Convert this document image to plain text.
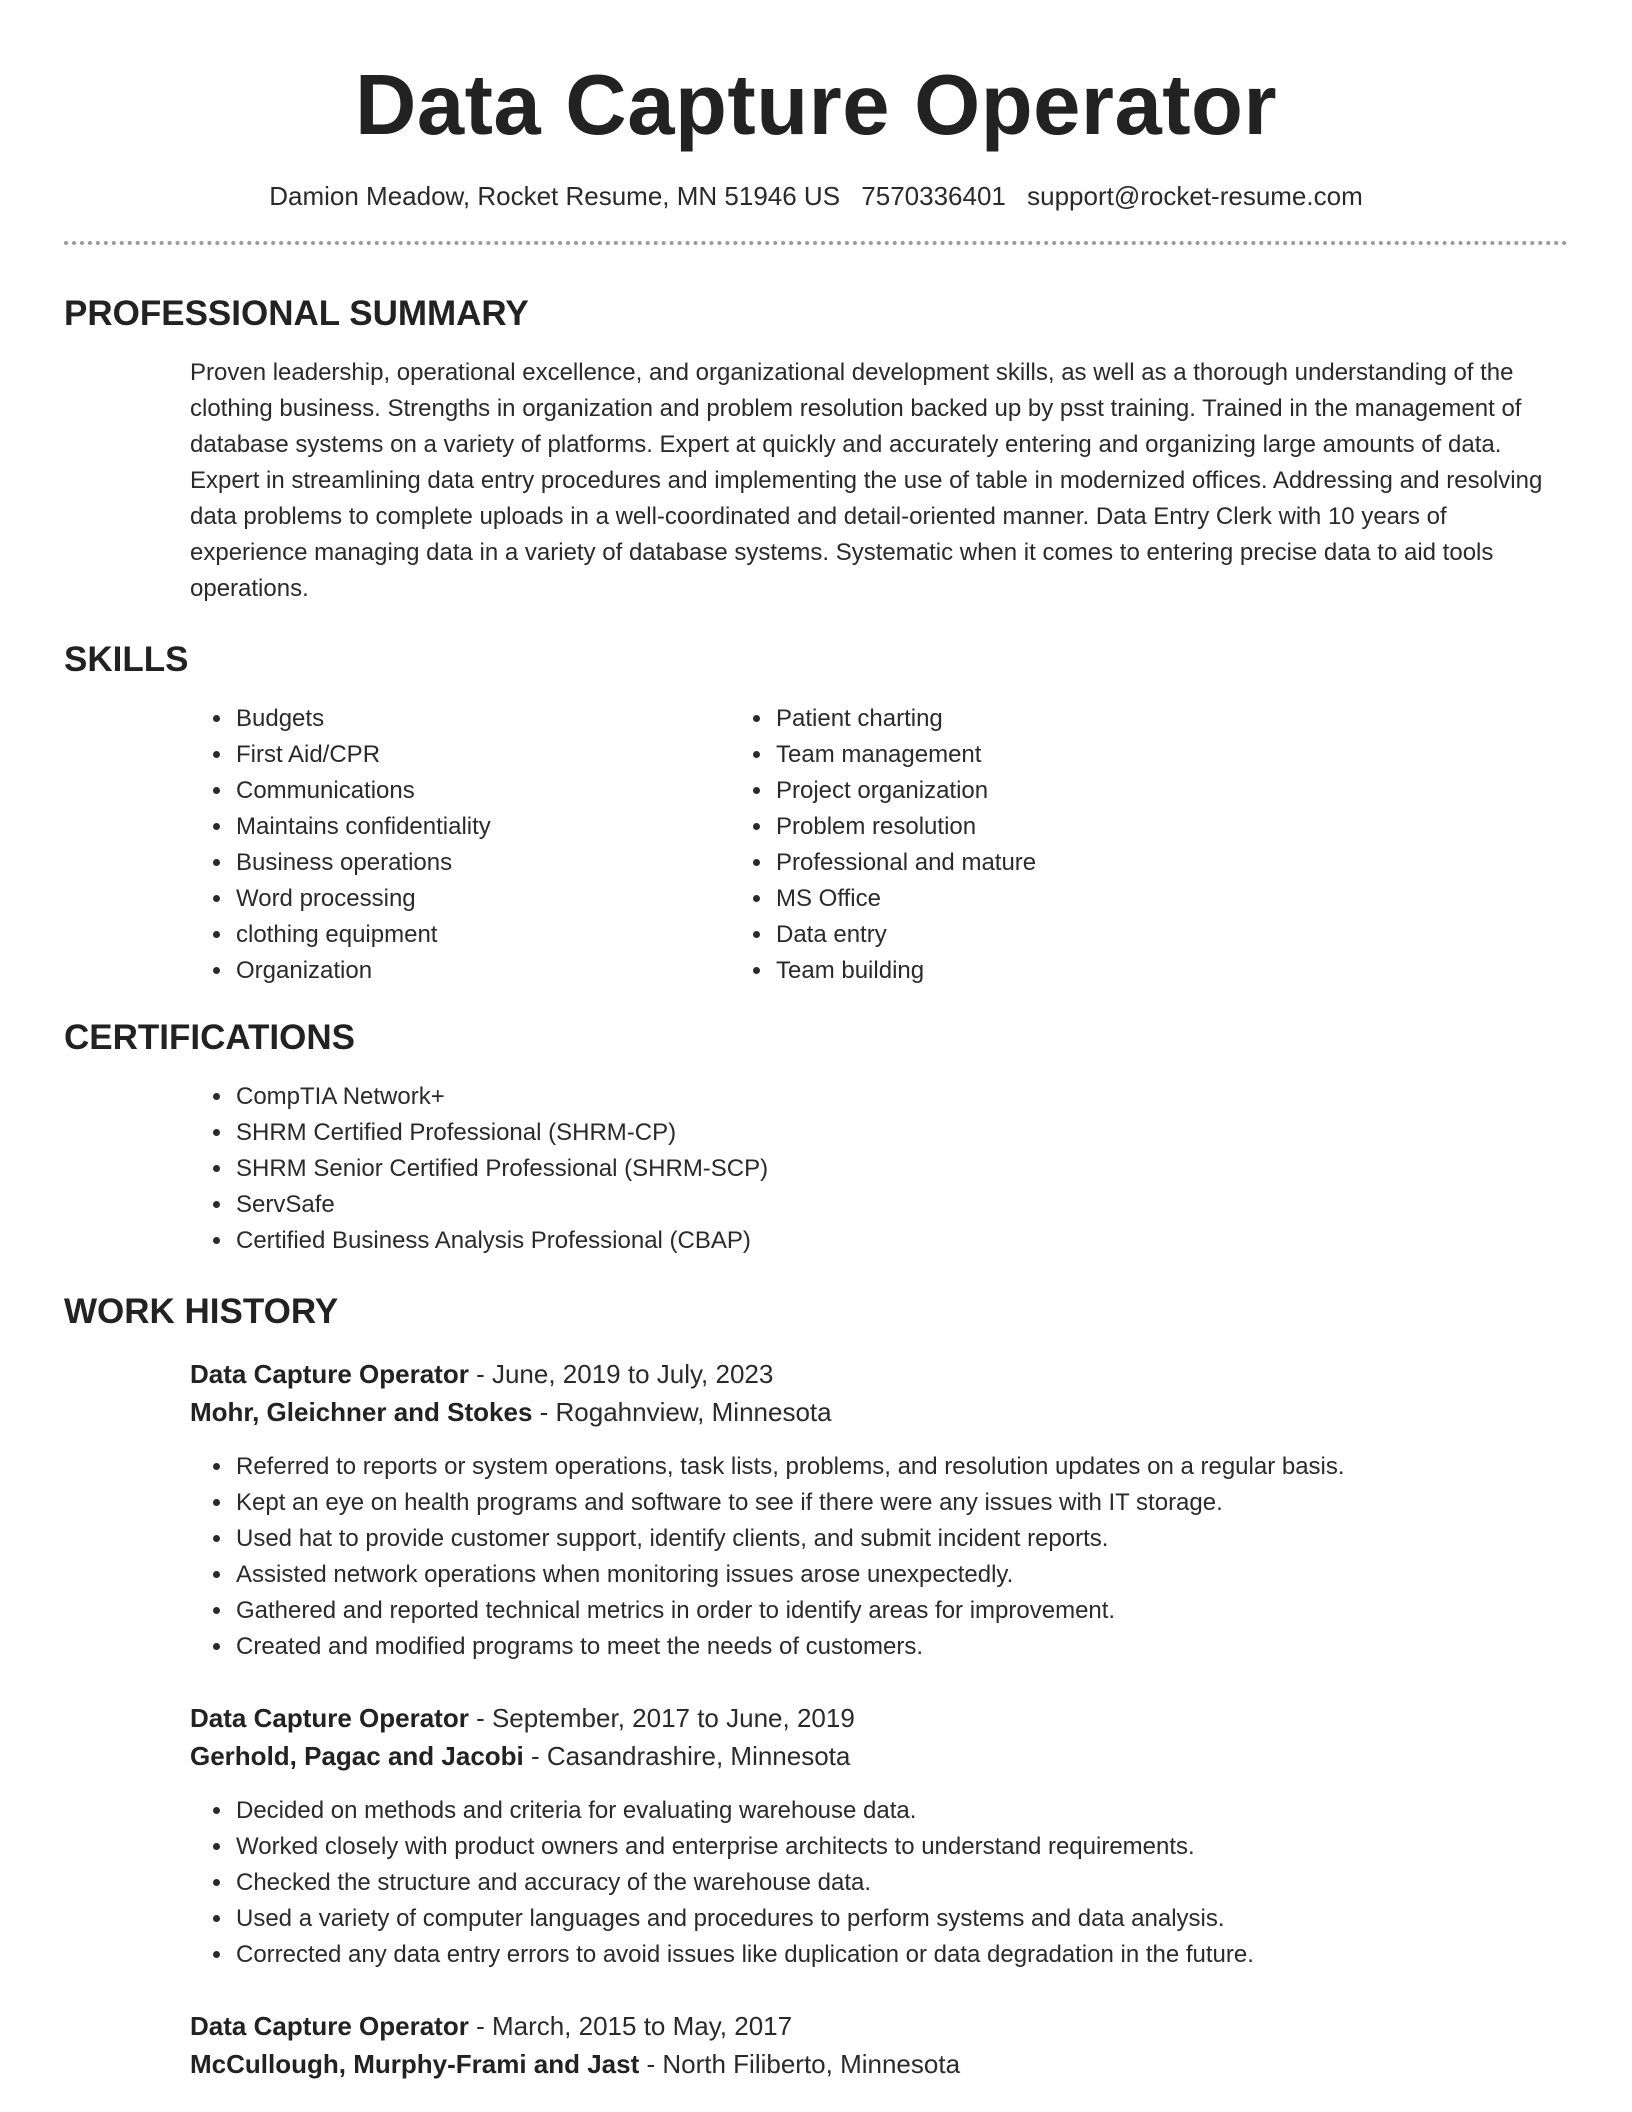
Data Capture Operator
Damion Meadow, Rocket Resume, MN 51946 US 7570336401 support@rocket-resume.com
PROFESSIONAL SUMMARY

Proven leadership, operational excellence, and organizational development skills, as well as a thorough understanding of the clothing business. Strengths in organization and problem resolution backed up by psst training. Trained in the management of database systems on a variety of platforms. Expert at quickly and accurately entering and organizing large amounts of data. Expert in streamlining data entry procedures and implementing the use of table in modernized offices. Addressing and resolving data problems to complete uploads in a well-coordinated and detail-oriented manner. Data Entry Clerk with 10 years of experience managing data in a variety of database systems. Systematic when it comes to entering precise data to aid tools operations.

SKILLS
• Budgets
• First Aid/CPR
• Communications
• Maintains confidentiality
• Business operations
• Word processing
• clothing equipment
• Organization
• Patient charting
• Team management
• Project organization
• Problem resolution
• Professional and mature
• MS Office
• Data entry
• Team building
CERTIFICATIONS
• CompTIA Network+
• SHRM Certified Professional (SHRM-CP)
• SHRM Senior Certified Professional (SHRM-SCP)
• ServSafe
• Certified Business Analysis Professional (CBAP)
WORK HISTORY
Data Capture Operator - June, 2019 to July, 2023
Mohr, Gleichner and Stokes - Rogahnview, Minnesota
• Referred to reports or system operations, task lists, problems, and resolution updates on a regular basis.
• Kept an eye on health programs and software to see if there were any issues with IT storage.
• Used hat to provide customer support, identify clients, and submit incident reports.
• Assisted network operations when monitoring issues arose unexpectedly.
• Gathered and reported technical metrics in order to identify areas for improvement.
• Created and modified programs to meet the needs of customers.
Data Capture Operator - September, 2017 to June, 2019
Gerhold, Pagac and Jacobi - Casandrashire, Minnesota
• Decided on methods and criteria for evaluating warehouse data.
• Worked closely with product owners and enterprise architects to understand requirements.
• Checked the structure and accuracy of the warehouse data.
• Used a variety of computer languages and procedures to perform systems and data analysis.
• Corrected any data entry errors to avoid issues like duplication or data degradation in the future.
Data Capture Operator - March, 2015 to May, 2017
McCullough, Murphy-Frami and Jast - North Filiberto, Minnesota
